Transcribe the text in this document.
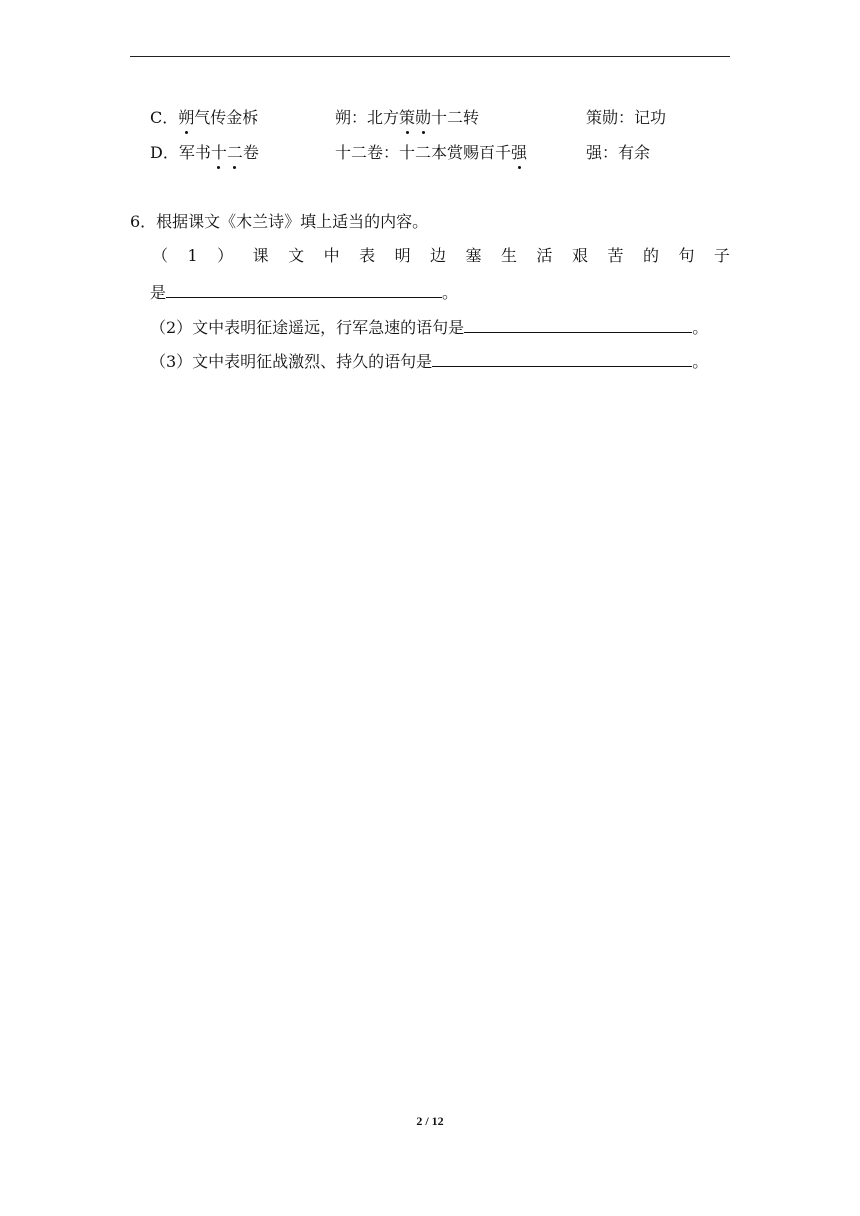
C．朔气传金柝	朔：北方策勋十二转	策勋：记功
D．军书十二卷	十二卷：十二本赏赐百千强	强：有余
6．根据课文《木兰诗》填上适当的内容。
（ 1 ） 课 文 中 表 明 边 塞 生 活 艰 苦 的 句 子
是	。
（2）文中表明征途遥远，行军急速的语句是	。
（3）文中表明征战激烈、持久的语句是	。
2 / 12
